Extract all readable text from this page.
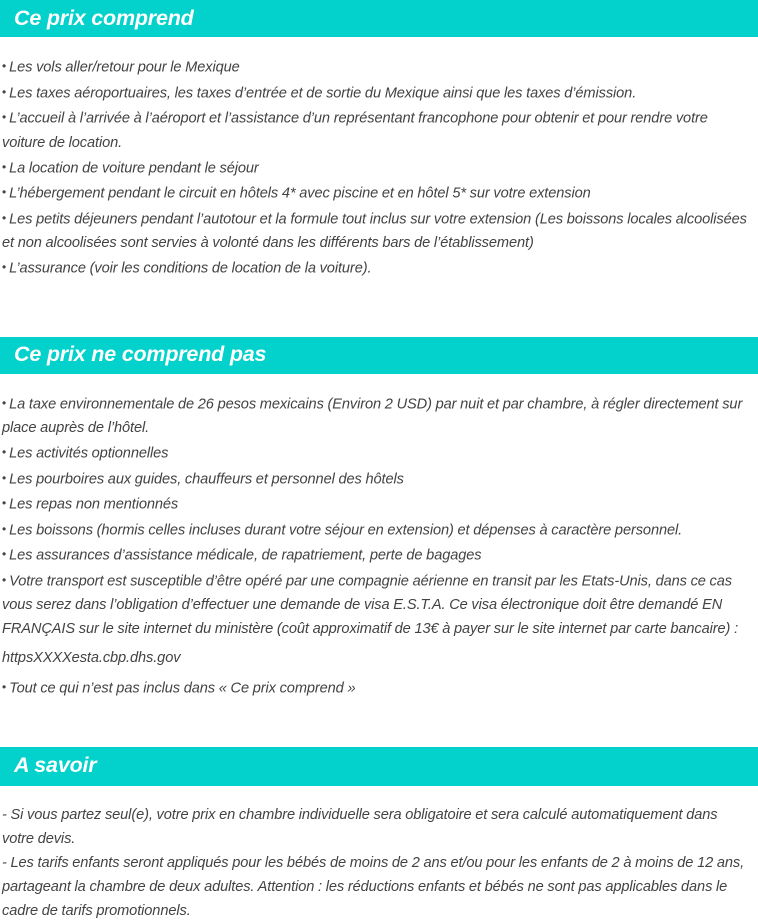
Ce prix comprend

• Les vols aller/retour pour le Mexique

• Les taxes aéroportuaires, les taxes d’entrée et de sortie du Mexique ainsi que les taxes d’émission.

• L’accueil à l’arrivée à l’aéroport et l’assistance d’un représentant francophone pour obtenir et pour rendre votre voiture de location.

• La location de voiture pendant le séjour

• L’hébergement pendant le circuit en hôtels 4* avec piscine et en hôtel 5* sur votre extension

• Les petits déjeuners pendant l’autotour et la formule tout inclus sur votre extension (Les boissons locales alcoolisées et non alcoolisées sont servies à volonté dans les différents bars de l’établissement)

• L’assurance (voir les conditions de location de la voiture).

Ce prix ne comprend pas

• La taxe environnementale de 26 pesos mexicains (Environ 2 USD) par nuit et par chambre, à régler directement sur place auprès de l’hôtel.

• Les activités optionnelles

• Les pourboires aux guides, chauffeurs et personnel des hôtels

• Les repas non mentionnés

• Les boissons (hormis celles incluses durant votre séjour en extension) et dépenses à caractère personnel.

• Les assurances d’assistance médicale, de rapatriement, perte de bagages

• Votre transport est susceptible d’être opéré par une compagnie aérienne en transit par les Etats-Unis, dans ce cas vous serez dans l’obligation d’effectuer une demande de visa E.S.T.A. Ce visa électronique doit être demandé EN FRANÇAIS sur le site internet du ministère (coût approximatif de 13€ à payer sur le site internet par carte bancaire) :

httpsXXXXesta.cbp.dhs.gov

• Tout ce qui n’est pas inclus dans « Ce prix comprend »

A savoir

- Si vous partez seul(e), votre prix en chambre individuelle sera obligatoire et sera calculé automatiquement dans votre devis.

- Les tarifs enfants seront appliqués pour les bébés de moins de 2 ans et/ou pour les enfants de 2 à moins de 12 ans, partageant la chambre de deux adultes. Attention : les réductions enfants et bébés ne sont pas applicables dans le cadre de tarifs promotionnels.
